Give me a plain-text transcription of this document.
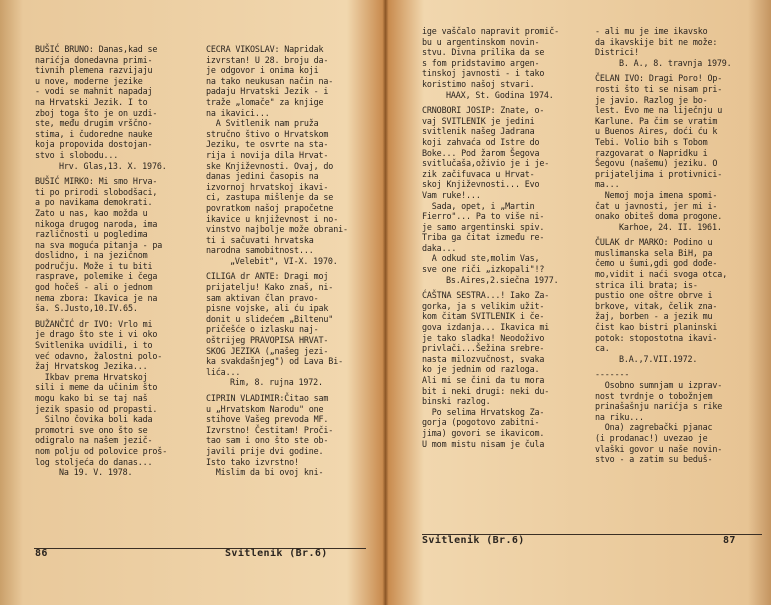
BUŠIĆ BRUNO: Danas,kad se
narićja donedavna primi-
tivnih plemena razvijaju
u nove, moderne jezike
- vodi se mahnit napadaj
na Hrvatski Jezik. I to
zboj toga što je on uzdi-
ste, među drugim vrščno-
stima, i čudoredne nauke
koja propovida dostojan-
stvo i slobodu...
Hrv. Glas,13. X. 1976.
BUŠIĆ MIRKO: Mi smo Hrva-
ti po prirodi slobodšaci,
a po navikama demokrati.
Zato u nas, kao možda u
nikoga drugog naroda, ima
različnosti u pogledima
na sva moguća pitanja - pa
doslidno, i na jezičnom
području. Može i tu biti
rasprave, polemike i čega
god hočeš - ali o jednom
nema zbora: Ikavica je na
ša. S.Justo,10.IV.65.
BUŽANČIĆ dr IVO: Vrlo mi
je drago što ste i vi oko
Svitlenika uvidili, i to
već odavno, žalostni polo-
žaj Hrvatskog Jezika...
Ikbav prema Hrvatskoj
sili i meme da učinim što
mogu kako bi se taj naš
jezik spasio od propasti.
Silno čovika boli kada
promotri sve ono što se
odigralo na našem jezič-
nom polju od polovice proš-
log stoljeća do danas...
Na 19. V. 1978.
CECRA VIKOSLAV: Napridak
izvrstan! U 28. broju da-
je odgovor i onima koji
na tako neukusan način na-
padaju Hrvatski Jezik - i
traže „lomače" za knjige
na ikavici...
A Svitlenik nam pruža
stručno štivo o Hrvatskom
Jeziku, te osvrte na sta-
rija i novija dila Hrvat-
ske Književnosti. Ovaj, do
danas jedini časopis na
izvornoj hrvatskoj ikavi-
ci, zastupa mišlenje da se
povratkom našoj prapočetne
ikavice u književnost i no-
vinstvo najbolje može obrani-
ti i sačuvati hrvatska
narodna samobitnost...
„Velebit", VI-X. 1970.
CILIGA dr ANTE: Dragi moj
prijatelju! Kako znaš, ni-
sam aktivan član pravo-
pisne vojske, ali ću ipak
donit u slidećem „Biltenu"
pričešće o izlasku naj-
oštrijeg PRAVOPISA HRVAT-
SKOG JEZIKA („našeg jezi-
ka svakdašnjeg") od Lava Bi-
lića...
Rim, 8. rujna 1972.
CIPRIN VLADIMIR:Čitao sam
u „Hrvatskom Narodu" one
stihove Vašeg prevoda MF.
Izvrstno! Čestitam! Proči-
tao sam i ono što ste ob-
javili prije dvi godine.
Isto tako izvrstno!
Mislim da bi ovoj kni-
86	Svitlenik (Br.6)
ige vaščalo napravit promič-
bu u argentinskom novin-
stvu. Divna prilika da se
s fom pridstavimo argen-
tinskoj javnosti - i tako
koristimo našoj stvari.
HAAX, St. Godina 1974.
CRNOBORI JOSIP: Znate, o-
vaj SVITLENIK je jedini
svitlenik našeg Jadrana
koji zahvaća od Istre do
Boke... Pod žarom Šegova
svitlučaša,oživio je i je-
zik začifuvaca u Hrvat-
skoj Književnosti... Evo
Vam ruke!...
Sada, opet, i „Martin
Fierro"... Pa to više ni-
je samo argentinski spiv.
Triba ga čitat između re-
daka...
A odkud ste,molim Vas,
sve one riči „izkopali"!?
Bs.Aires,2.siečna 1977.
ĆAŠTNA SESTRA...! Iako Za-
gorka, ja s velikim užit-
kom čitam SVITLENIK i če-
gova izdanja... Ikavica mi
je tako sladka! Neodoživo
privlači...Šežina srebre-
nasta milozvučnost, svaka
ko je jednim od razloga.
Ali mi se čini da tu mora
bit i neki drugi: neki du-
binski razlog.
Po selima Hrvatskog Za-
gorja (pogotovo zabitni-
jima) govori se ikavicom.
U mom mistu nisam je čula
- ali mu je ime ikavsko
da ikavskije bit ne može:
Districi!
B. A., 8. travnja 1979.
ČELAN IVO: Dragi Poro! Op-
rosti što ti se nisam pri-
je javio. Razlog je bo-
lest. Evo me na liječnju u
Karlune. Pa čim se vratim
u Buenos Aires, doći ću k
Tebi. Volio bih s Tobom
razgovarat o Napridku i
Šegovu (našemu) jeziku. O
prijateljima i protivnici-
ma...
Nemoj moja imena spomi-
čat u javnosti, jer mi i-
onako obiteš doma progone.
Karhoe, 24. II. 1961.
ČULAK dr MARKO: Podino u
muslimanska sela BiH, pa
čemo u šumi,gdi god dođe-
mo,vidit i naći svoga otca,
strica ili brata; is-
pustio one oštre obrve i
brkove, vitak, čelik zna-
žaj, borben - a jezik mu
čist kao bistri planinski
potok: stopostotna ikavi-
ca.
B.A.,7.VII.1972.
-------
Osobno sumnjam u izprav-
nost tvrdnje o tobožnjem
prinašašnju narićja s rike
na riku...
Ona) zagrebački pjanac
(i prodanac!) uvezao je
vlaški govor u naše novin-
stvo - a zatim su beduš-
Svitlenik (Br.6)	87
